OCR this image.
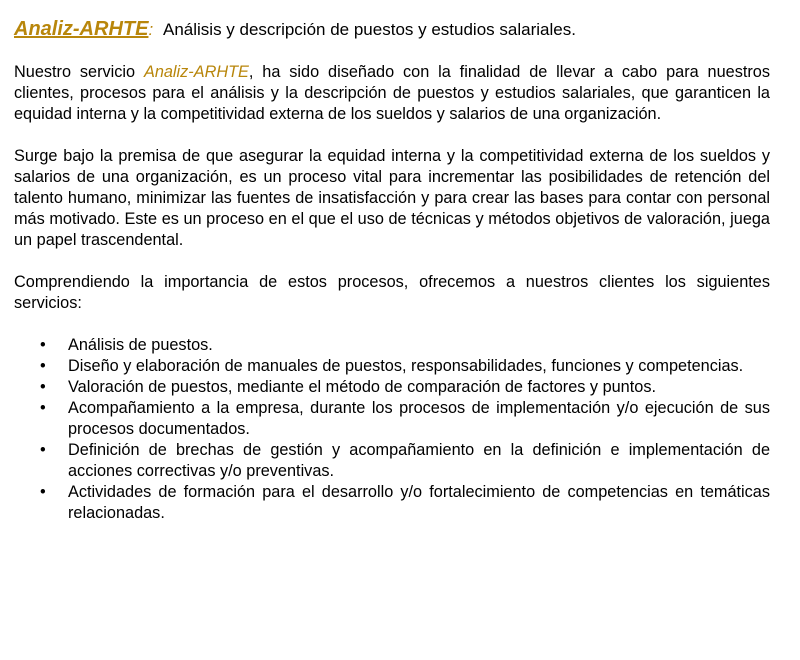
Analiz-ARHTE: Análisis y descripción de puestos y estudios salariales.

Nuestro servicio Analiz-ARHTE, ha sido diseñado con la finalidad de llevar a cabo para nuestros clientes, procesos para el análisis y la descripción de puestos y estudios salariales, que garanticen la equidad interna y la competitividad externa de los sueldos y salarios de una organización.

Surge bajo la premisa de que asegurar la equidad interna y la competitividad externa de los sueldos y salarios de una organización, es un proceso vital para incrementar las posibilidades de retención del talento humano, minimizar las fuentes de insatisfacción y para crear las bases para contar con personal más motivado. Este es un proceso en el que el uso de técnicas y métodos objetivos de valoración, juega un papel trascendental.

Comprendiendo la importancia de estos procesos, ofrecemos a nuestros clientes los siguientes servicios:

• Análisis de puestos.
• Diseño y elaboración de manuales de puestos, responsabilidades, funciones y competencias.
• Valoración de puestos, mediante el método de comparación de factores y puntos.
• Acompañamiento a la empresa, durante los procesos de implementación y/o ejecución de sus procesos documentados.
• Definición de brechas de gestión y acompañamiento en la definición e implementación de acciones correctivas y/o preventivas.
• Actividades de formación para el desarrollo y/o fortalecimiento de competencias en temáticas relacionadas.
